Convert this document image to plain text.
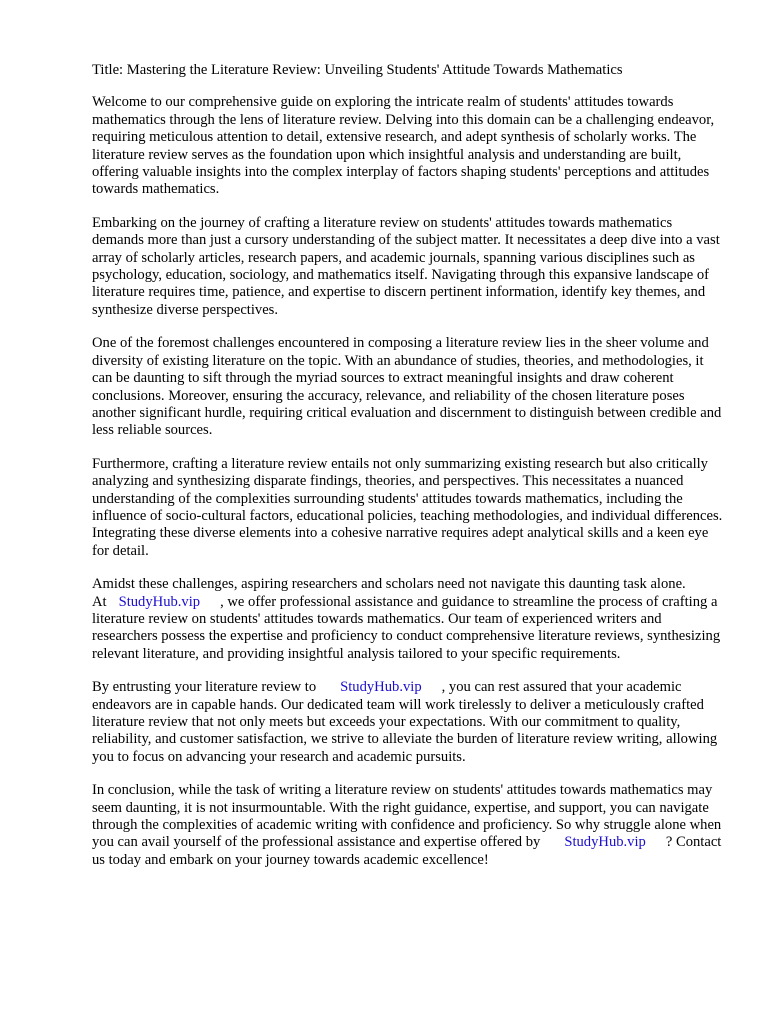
Title: Mastering the Literature Review: Unveiling Students' Attitude Towards Mathematics

Welcome to our comprehensive guide on exploring the intricate realm of students' attitudes towards mathematics through the lens of literature review. Delving into this domain can be a challenging endeavor, requiring meticulous attention to detail, extensive research, and adept synthesis of scholarly works. The literature review serves as the foundation upon which insightful analysis and understanding are built, offering valuable insights into the complex interplay of factors shaping students' perceptions and attitudes towards mathematics.

Embarking on the journey of crafting a literature review on students' attitudes towards mathematics demands more than just a cursory understanding of the subject matter. It necessitates a deep dive into a vast array of scholarly articles, research papers, and academic journals, spanning various disciplines such as psychology, education, sociology, and mathematics itself. Navigating through this expansive landscape of literature requires time, patience, and expertise to discern pertinent information, identify key themes, and synthesize diverse perspectives.

One of the foremost challenges encountered in composing a literature review lies in the sheer volume and diversity of existing literature on the topic. With an abundance of studies, theories, and methodologies, it can be daunting to sift through the myriad sources to extract meaningful insights and draw coherent conclusions. Moreover, ensuring the accuracy, relevance, and reliability of the chosen literature poses another significant hurdle, requiring critical evaluation and discernment to distinguish between credible and less reliable sources.

Furthermore, crafting a literature review entails not only summarizing existing research but also critically analyzing and synthesizing disparate findings, theories, and perspectives. This necessitates a nuanced understanding of the complexities surrounding students' attitudes towards mathematics, including the influence of socio-cultural factors, educational policies, teaching methodologies, and individual differences. Integrating these diverse elements into a cohesive narrative requires adept analytical skills and a keen eye for detail.

Amidst these challenges, aspiring researchers and scholars need not navigate this daunting task alone.
At StudyHub.vip , we offer professional assistance and guidance to streamline the process of crafting a literature review on students' attitudes towards mathematics. Our team of experienced writers and researchers possess the expertise and proficiency to conduct comprehensive literature reviews, synthesizing relevant literature, and providing insightful analysis tailored to your specific requirements.

By entrusting your literature review to StudyHub.vip , you can rest assured that your academic endeavors are in capable hands. Our dedicated team will work tirelessly to deliver a meticulously crafted literature review that not only meets but exceeds your expectations. With our commitment to quality, reliability, and customer satisfaction, we strive to alleviate the burden of literature review writing, allowing you to focus on advancing your research and academic pursuits.

In conclusion, while the task of writing a literature review on students' attitudes towards mathematics may seem daunting, it is not insurmountable. With the right guidance, expertise, and support, you can navigate through the complexities of academic writing with confidence and proficiency. So why struggle alone when you can avail yourself of the professional assistance and expertise offered by StudyHub.vip ? Contact us today and embark on your journey towards academic excellence!
